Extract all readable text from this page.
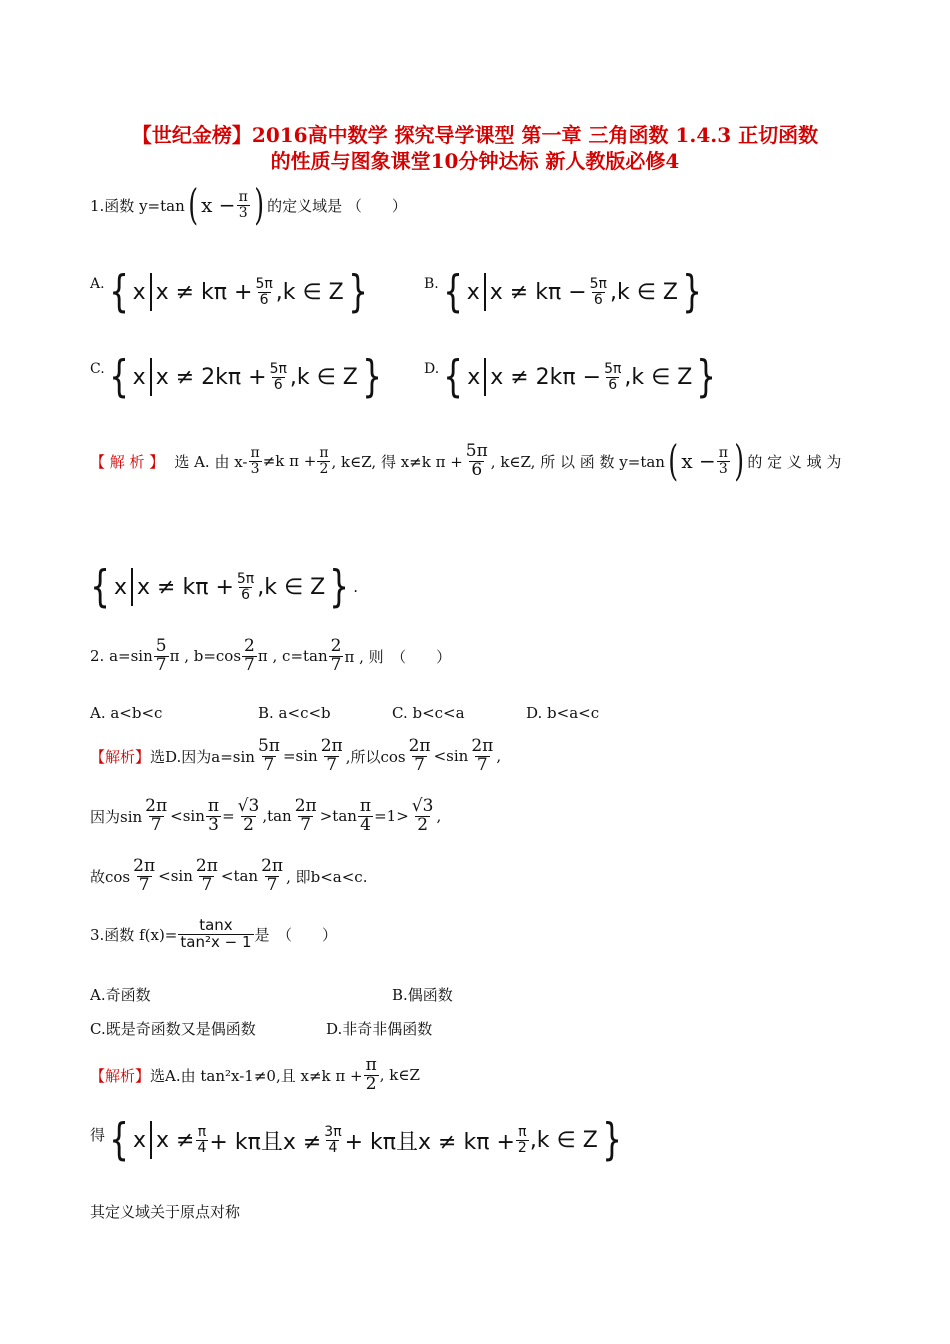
【世纪金榜】2016高中数学 探究导学课型 第一章 三角函数 1.4.3 正切函数
的性质与图象课堂10分钟达标 新人教版必修4
1.函数 y=tan ( $x - \frac{\pi}{3}$ ) 的定义域是 （　　）
A. { x $x \ne k\pi + \frac{5\pi}{6} ,k$ ∈ Z }	B. { x $x \ne k\pi - \frac{5\pi}{6} ,k$ ∈ Z }
C. { x $x \ne 2k\pi + \frac{5\pi}{6} ,k$ ∈ Z }	D. { x $x \ne 2k\pi - \frac{5\pi}{6} ,k$ ∈ Z }
【 解 析 】 选 A. 由 $x- \frac{\pi}{3} \ne k$ $\pi + \frac{\pi}{2}$ , k∈Z, 得 x≠k $\pi + \frac{5\pi}{6}$ , k∈Z, 所 以 函 数 y=tan ( $x - \frac{\pi}{3}$ ) 的 定 义 域 为
{ x $x \ne k\pi + \frac{5\pi}{6} ,k$ ∈ Z } .
2. $a=\sin \frac{5}{7}$ π , $b=\cos \frac{2}{7}$ π , $c=\tan \frac{2}{7}$ π , 则　（　　）
A. a<b<c	B. a<c<b	C. b<c<a	D. b<a<c
【解析】 选D.因为$a=\sin \frac{5\pi}{7} =\sin \frac{2\pi}{7}$ ,所以$\cos \frac{2\pi}{7} <\sin \frac{2\pi}{7}$ ,
因为$\sin \frac{2\pi}{7} <\sin \frac{\pi}{3} = \frac{√3}{2} ,\tan \frac{2\pi}{7} >\tan \frac{\pi}{4} =1> \frac{√3}{2}$ ,
故$\cos \frac{2\pi}{7} <\sin \frac{2\pi}{7} <\tan \frac{2\pi}{7}$ , 即b<a<c.
3.函数 $f(x)= \frac{\tan x}{\text{tan²x − 1}}$ 是　（　　）
A.奇函数	B.偶函数
C.既是奇函数又是偶函数	D.非奇非偶函数
【解析】 选A.由 tan²x-1≠0,且 x≠k $\pi + \frac{\pi}{2}$ , k∈Z
得 { x $x \ne \frac{\pi}{4} + k\pi$且$x \ne \frac{3\pi}{4} + k\pi$且$x \ne k\pi + \frac{\pi}{2} ,k$ ∈ Z }
其定义域关于原点对称
